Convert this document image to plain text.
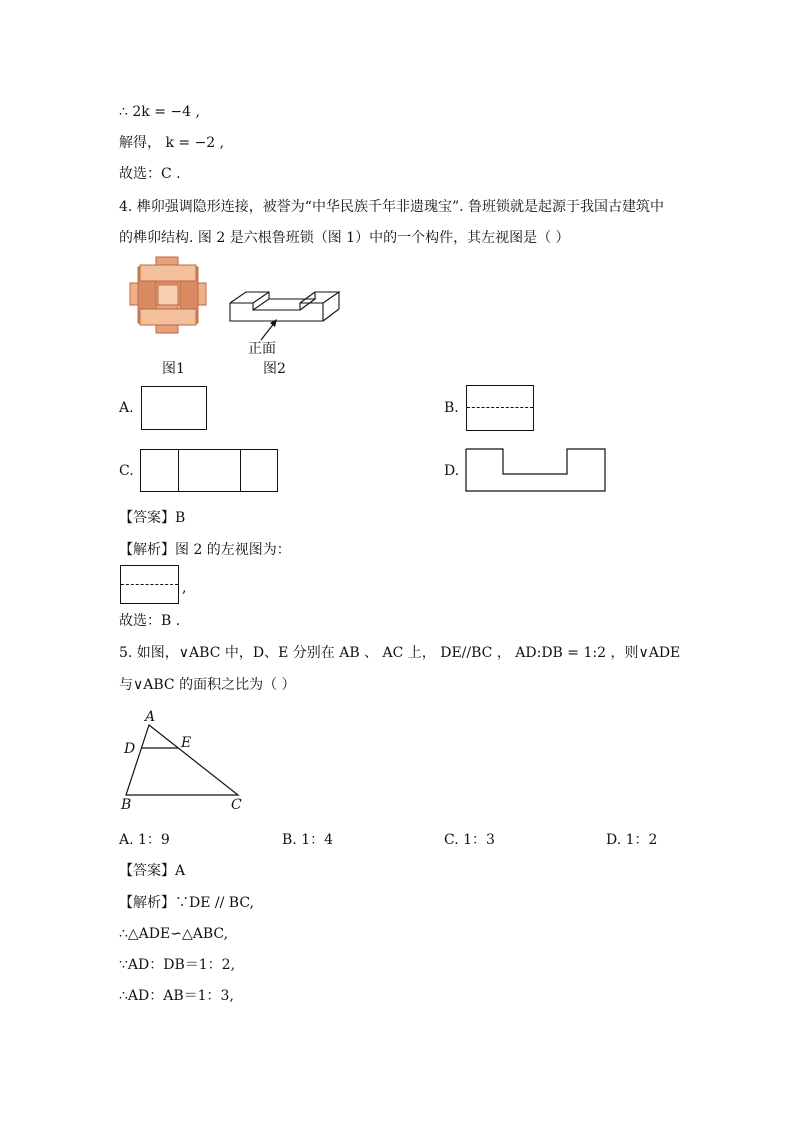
∴ 2k = −4 ,
解得， k = −2 ,
故选：C .
4. 榫卯强调隐形连接，被誉为“中华民族千年非遗瑰宝”. 鲁班锁就是起源于我国古建筑中
的榫卯结构. 图 2 是六根鲁班锁（图 1）中的一个构件，其左视图是（ ）
正面
图1	图2
A.	B.
C.	D.
【答案】B
【解析】图 2 的左视图为：
,
故选：B .
5. 如图，∨ABC 中，D、E 分别在 AB 、 AC 上， DE//BC ， AD:DB = 1:2 ，则∨ADE
与∨ABC 的面积之比为（ ）
A
D	E
B	C
A. 1：9	B. 1：4	C. 1：3	D. 1：2
【答案】A
【解析】∵DE // BC,
∴△ADE∽△ABC,
∵AD：DB＝1：2,
∴AD：AB＝1：3,
